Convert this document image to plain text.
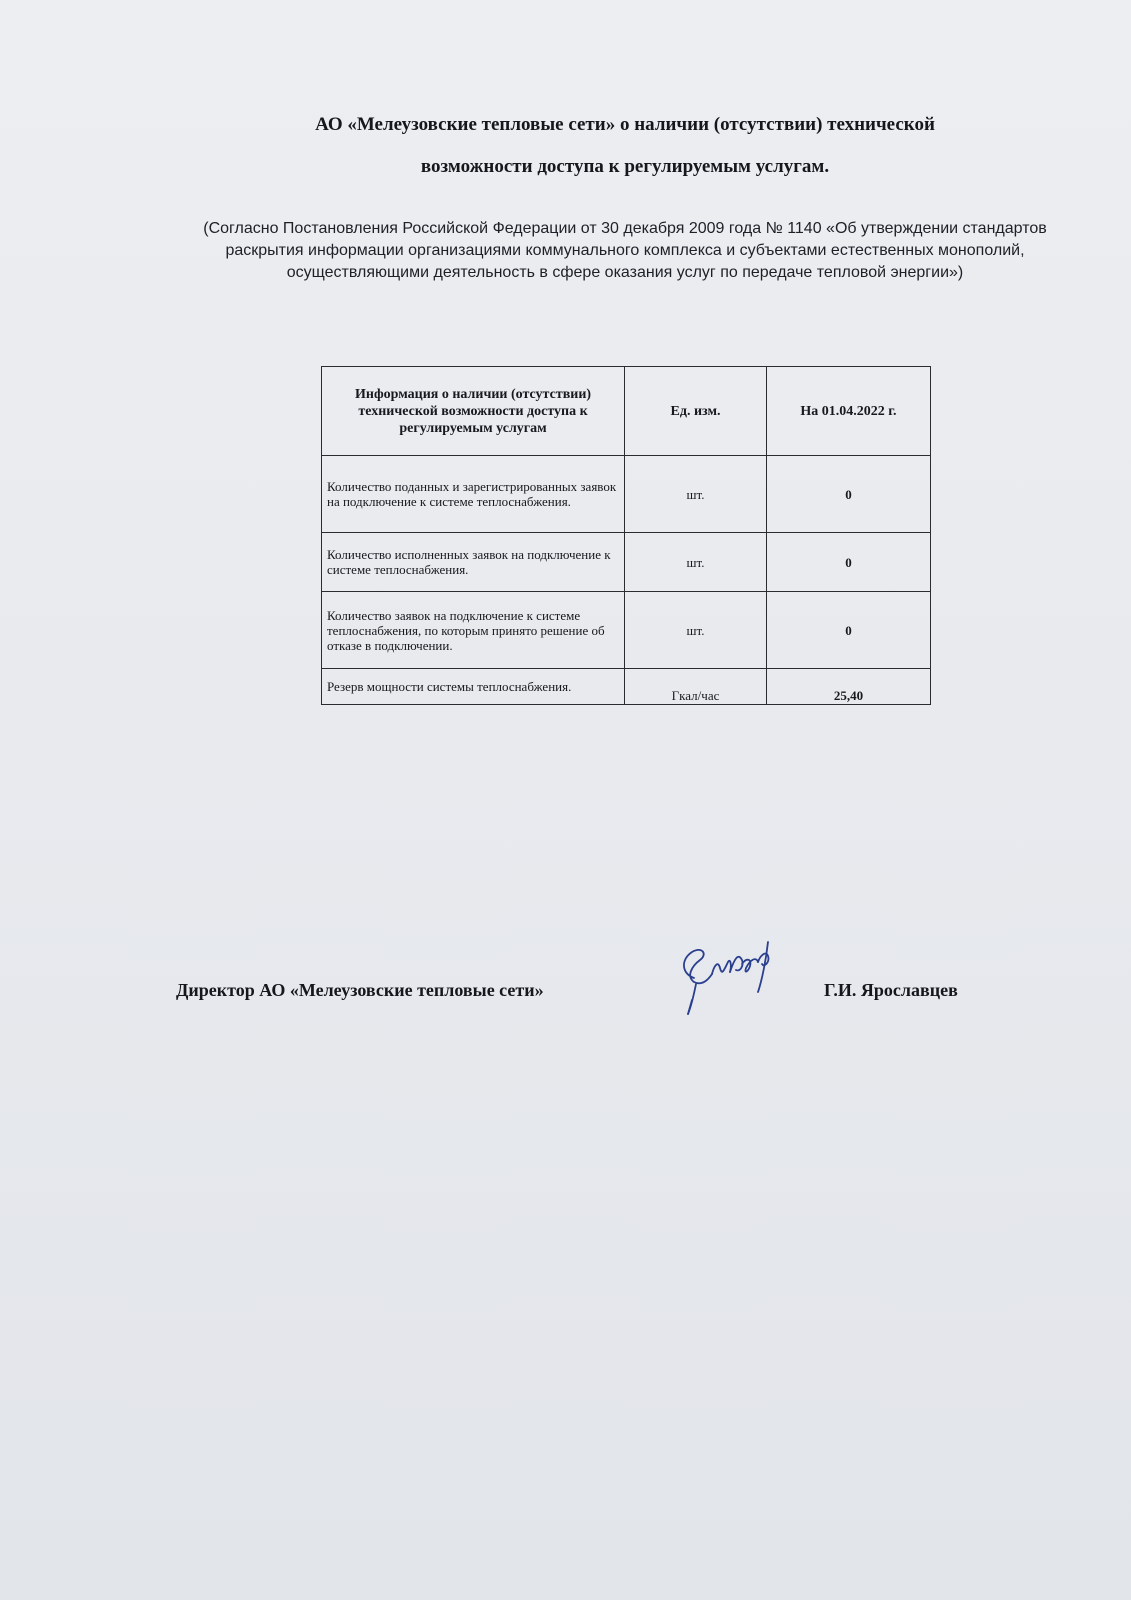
АО «Мелеузовские тепловые сети» о наличии (отсутствии) технической
возможности доступа к регулируемым услугам.
(Согласно Постановления Российской Федерации от 30 декабря 2009 года № 1140 «Об утверждении стандартов раскрытия информации организациями коммунального комплекса и субъектами естественных монополий, осуществляющими деятельность в сфере оказания услуг по передаче тепловой энергии»)
Информация о наличии (отсутствии) технической возможности доступа к регулируемым услугам	Ед. изм.	На 01.04.2022 г.
Количество поданных и зарегистрированных заявок на подключение к системе теплоснабжения.	шт.	0
Количество исполненных заявок на подключение к системе теплоснабжения.	шт.	0
Количество заявок на подключение к системе теплоснабжения, по которым принято решение об отказе в подключении.	шт.	0
Резерв мощности системы теплоснабжения.	Гкал/час	25,40
Директор АО «Мелеузовские тепловые сети»	Г.И. Ярославцев
